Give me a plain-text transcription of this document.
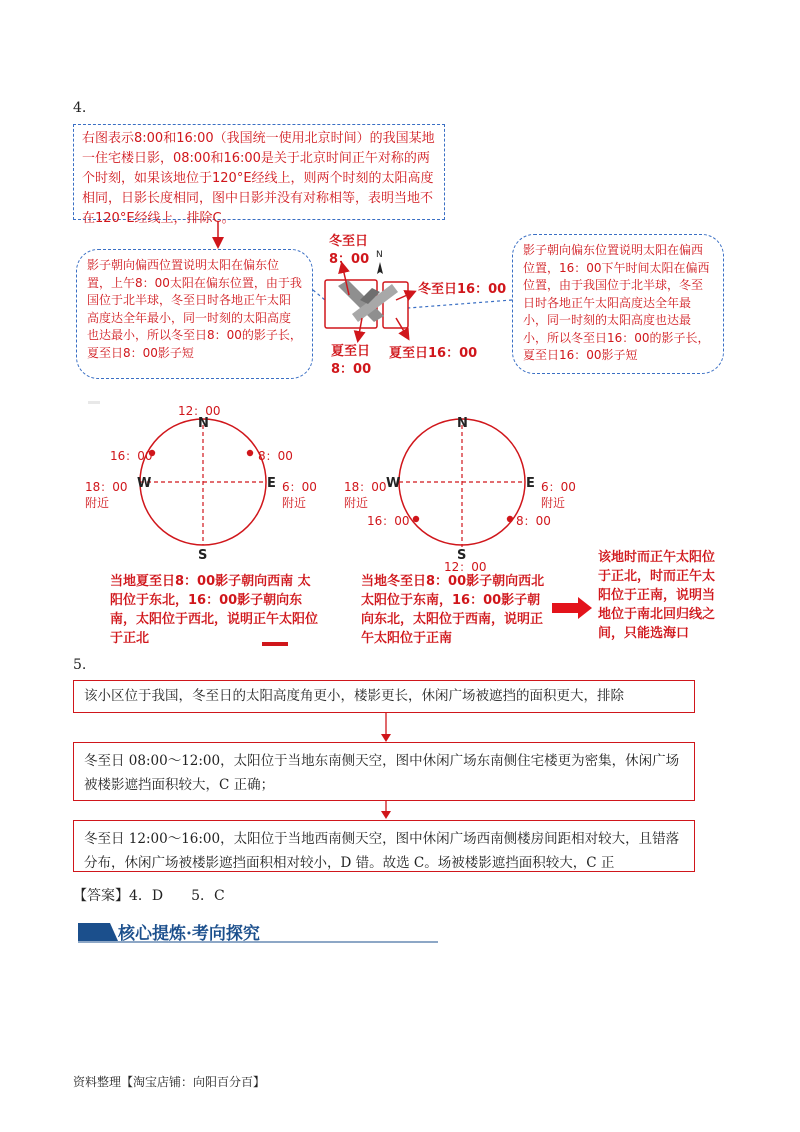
4.
右图表示8:00和16:00（我国统一使用北京时间）的我国某地一住宅楼日影，08:00和16:00是关于北京时间正午对称的两个时刻，如果该地位于120°E经线上，则两个时刻的太阳高度相同，日影长度相同，图中日影并没有对称相等，表明当地不在120°E经线上，排除C。
影子朝向偏西位置说明太阳在偏东位置，上午8：00太阳在偏东位置，由于我国位于北半球，冬至日时各地正午太阳高度达全年最小，同一时刻的太阳高度也达最小，所以冬至日8：00的影子长，夏至日8：00影子短
影子朝向偏东位置说明太阳在偏西位置，16：00下午时间太阳在偏西位置，由于我国位于北半球，冬至日时各地正午太阳高度达全年最小，同一时刻的太阳高度也达最小，所以冬至日16：00的影子长，夏至日16：00影子短
N
冬至日
8：00
冬至日16：00
夏至日
8：00
夏至日16：00
12：00
N
S
W	E
16：00	8：00
18：00
附近
6：00
附近
N
S
W	E
16：00	8：00
12：00
18：00
附近
6：00
附近
当地夏至日8：00影子朝向西南 太阳位于东北，16：00影子朝向东南，太阳位于西北，说明正午太阳位于正北
当地冬至日8：00影子朝向西北太阳位于东南，16：00影子朝向东北，太阳位于西南，说明正午太阳位于正南
该地时而正午太阳位于正北，时而正午太阳位于正南，说明当地位于南北回归线之间，只能选海口
5.
该小区位于我国，冬至日的太阳高度角更小，楼影更长，休闲广场被遮挡的面积更大，排除
冬至日 08:00～12:00，太阳位于当地东南侧天空，图中休闲广场东南侧住宅楼更为密集，休闲广场被楼影遮挡面积较大，C 正确；
冬至日 12:00～16:00，太阳位于当地西南侧天空，图中休闲广场西南侧楼房间距相对较大，且错落分布，休闲广场被楼影遮挡面积相对较小，D 错。故选 C。场被楼影遮挡面积较大，C 正
【答案】4．D　　5．C
核心提炼·考向探究
资料整理【淘宝店铺：向阳百分百】
